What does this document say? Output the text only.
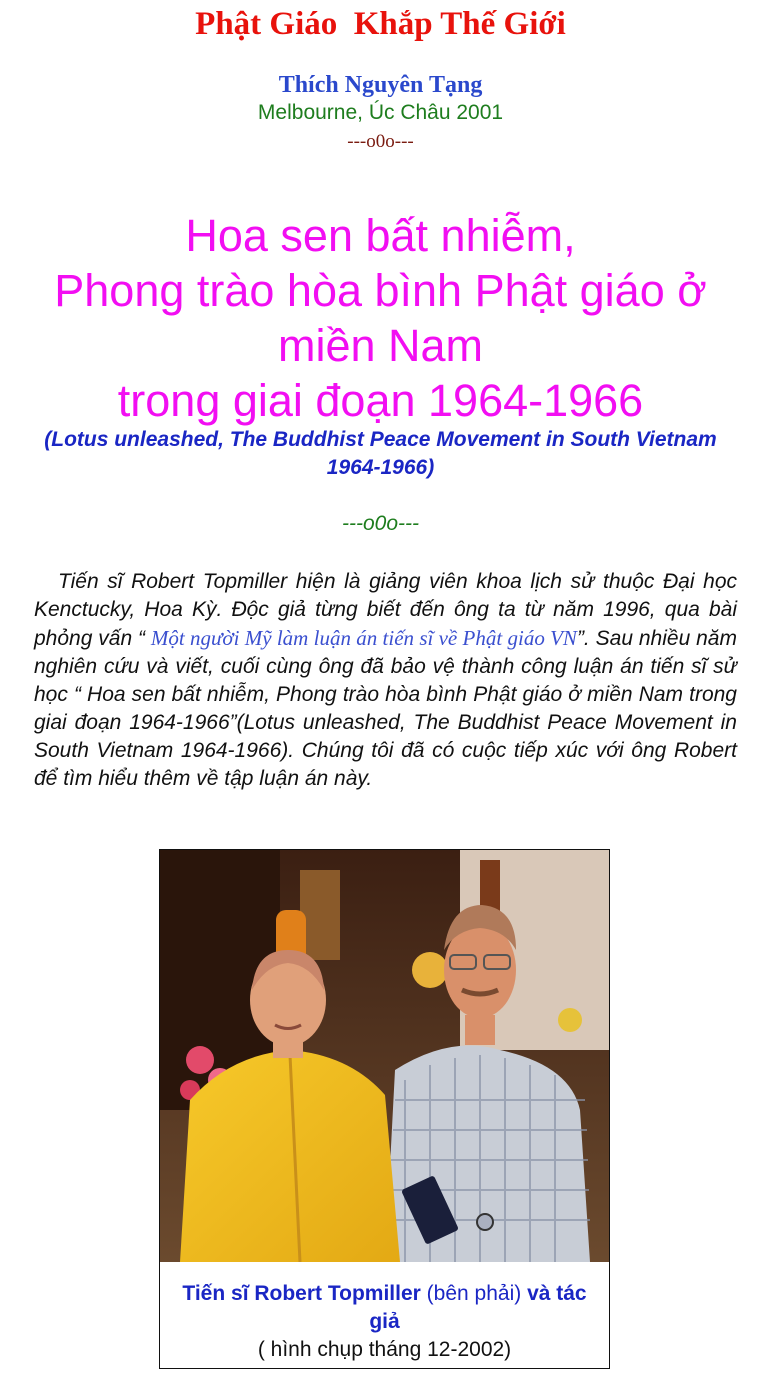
Phật Giáo  Khắp Thế Giới
Thích Nguyên Tạng
Melbourne, Úc Châu 2001
---o0o---
Hoa sen bất nhiễm,
Phong trào hòa bình Phật giáo ở
miền Nam
trong giai đoạn 1964-1966
(Lotus unleashed, The Buddhist Peace Movement in South Vietnam 1964-1966)
---o0o---

Tiến sĩ Robert Topmiller hiện là giảng viên khoa lịch sử thuộc Đại học Kenctucky, Hoa Kỳ. Độc giả từng biết đến ông ta từ năm 1996, qua bài phỏng vấn “ Một người Mỹ làm luận án tiến sĩ về Phật giáo VN”. Sau nhiều năm nghiên cứu và viết, cuối cùng ông đã bảo vệ thành công luận án tiến sĩ sử học “ Hoa sen bất nhiễm, Phong trào hòa bình Phật giáo ở miền Nam trong giai đoạn 1964-1966”(Lotus unleashed, The Buddhist Peace Movement in South Vietnam 1964-1966). Chúng tôi đã có cuộc tiếp xúc với ông Robert để tìm hiểu thêm về tập luận án này.

Tiến sĩ Robert Topmiller (bên phải) và tác giả
( hình chụp tháng 12-2002)
